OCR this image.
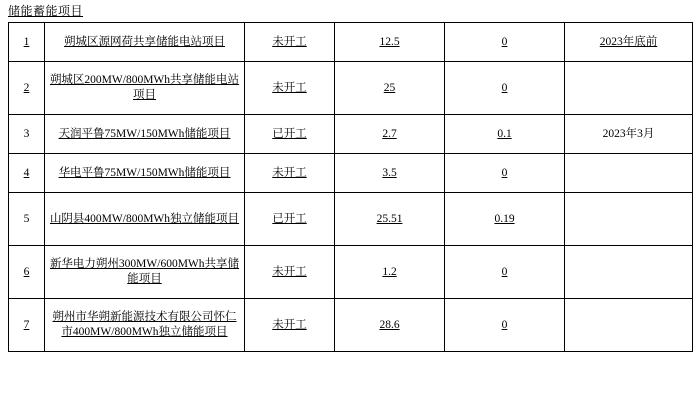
储能蓄能项目
1	朔城区源网荷共享储能电站项目	未开工	12.5	0	2023年底前
2	朔城区200MW/800MWh共享储能电站项目	未开工	25	0	
3	天润平鲁75MW/150MWh储能项目	已开工	2.7	0.1	2023年3月
4	华电平鲁75MW/150MWh储能项目	未开工	3.5	0	
5	山阴县400MW/800MWh独立储能项目	已开工	25.51	0.19	
6	新华电力朔州300MW/600MWh共享储能项目	未开工	1.2	0	
7	朔州市华朔新能源技术有限公司怀仁市400MW/800MWh独立储能项目	未开工	28.6	0	
